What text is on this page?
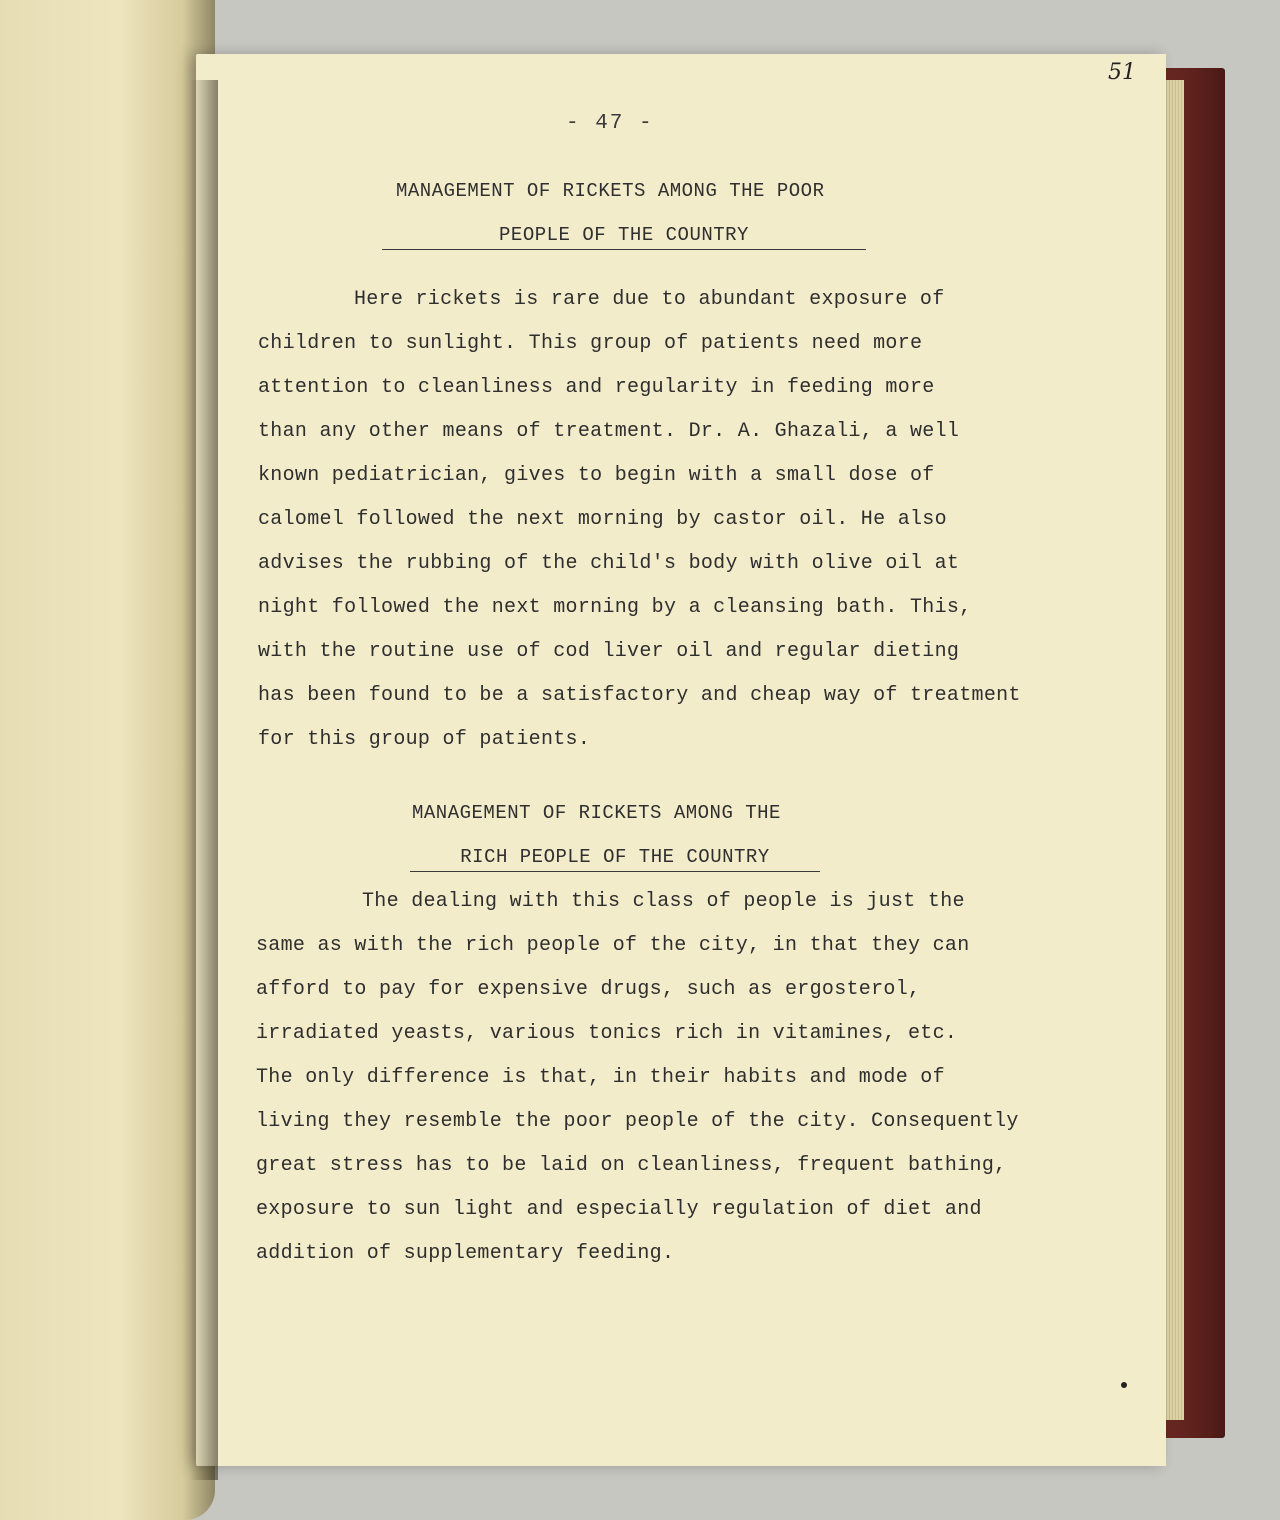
51
- 47 -
MANAGEMENT OF RICKETS AMONG THE POOR
PEOPLE OF THE COUNTRY
Here rickets is rare due to abundant exposure of
children to sunlight. This group of patients need more
attention to cleanliness and regularity in feeding more
than any other means of treatment. Dr. A. Ghazali, a well
known pediatrician, gives to begin with a small dose of
calomel followed the next morning by castor oil. He also
advises the rubbing of the child's body with olive oil at
night followed the next morning by a cleansing bath. This,
with the routine use of cod liver oil and regular dieting
has been found to be a satisfactory and cheap way of treatment
for this group of patients.
MANAGEMENT OF RICKETS AMONG THE
RICH PEOPLE OF THE COUNTRY
The dealing with this class of people is just the
same as with the rich people of the city, in that they can
afford to pay for expensive drugs, such as ergosterol,
irradiated yeasts, various tonics rich in vitamines, etc.
The only difference is that, in their habits and mode of
living they resemble the poor people of the city. Consequently
great stress has to be laid on cleanliness, frequent bathing,
exposure to sun light and especially regulation of diet and
addition of supplementary feeding.
